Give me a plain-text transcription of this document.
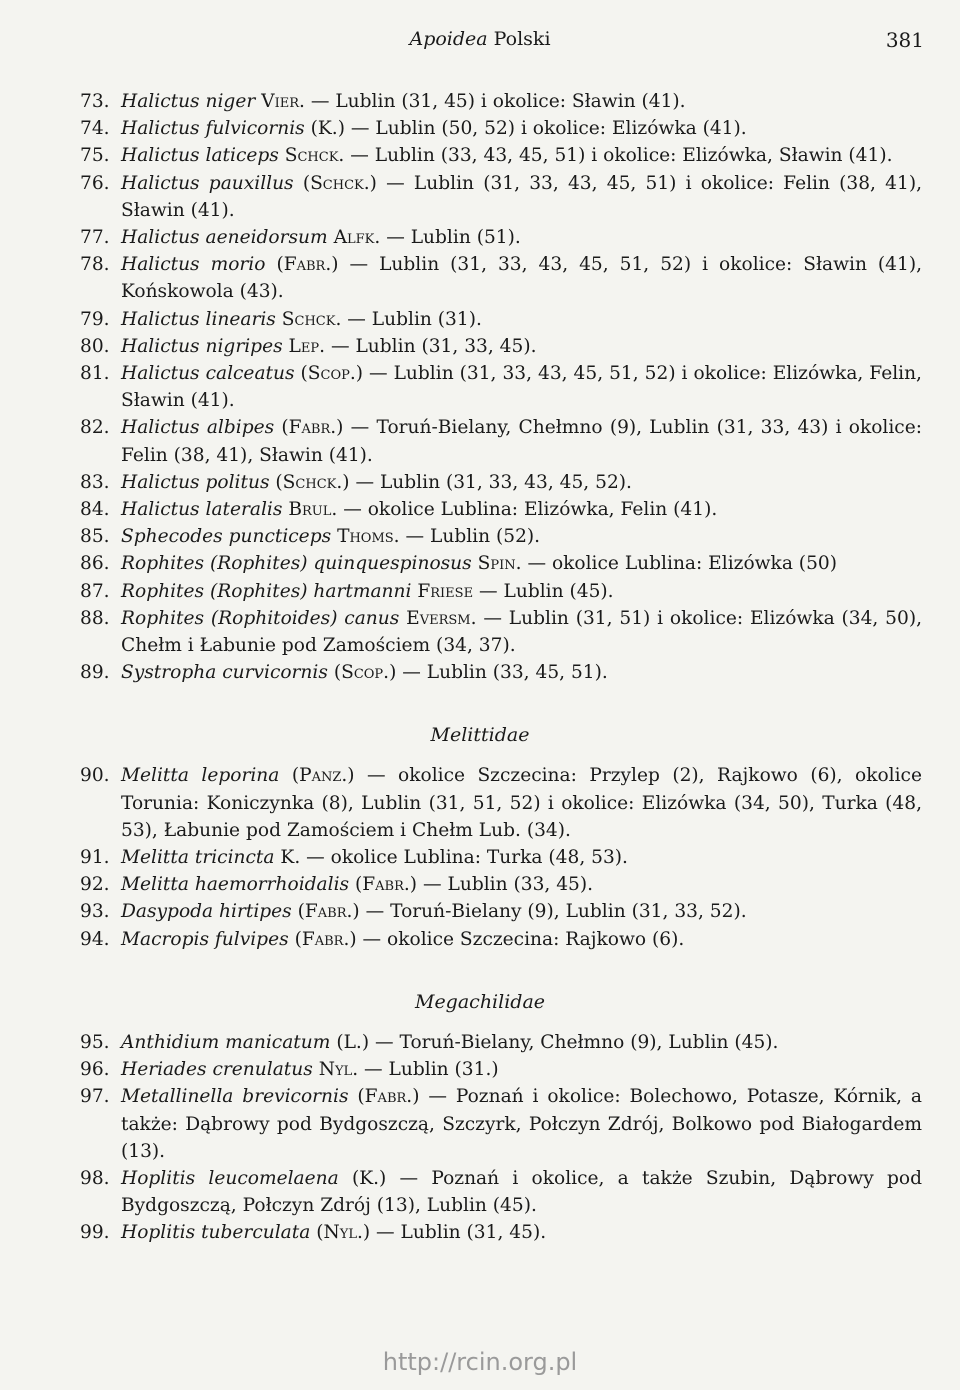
Apoidea Polski	381
73. Halictus niger Vier. — Lublin (31, 45) i okolice: Sławin (41).
74. Halictus fulvicornis (K.) — Lublin (50, 52) i okolice: Elizówka (41).
75. Halictus laticeps Schck. — Lublin (33, 43, 45, 51) i okolice: Elizówka, Sławin (41).
76. Halictus pauxillus (Schck.) — Lublin (31, 33, 43, 45, 51) i okolice: Felin (38, 41), Sławin (41).
77. Halictus aeneidorsum Alfk. — Lublin (51).
78. Halictus morio (Fabr.) — Lublin (31, 33, 43, 45, 51, 52) i okolice: Sławin (41), Końskowola (43).
79. Halictus linearis Schck. — Lublin (31).
80. Halictus nigripes Lep. — Lublin (31, 33, 45).
81. Halictus calceatus (Scop.) — Lublin (31, 33, 43, 45, 51, 52) i okolice: Elizówka, Felin, Sławin (41).
82. Halictus albipes (Fabr.) — Toruń-Bielany, Chełmno (9), Lublin (31, 33, 43) i okolice: Felin (38, 41), Sławin (41).
83. Halictus politus (Schck.) — Lublin (31, 33, 43, 45, 52).
84. Halictus lateralis Brul. — okolice Lublina: Elizówka, Felin (41).
85. Sphecodes puncticeps Thoms. — Lublin (52).
86. Rophites (Rophites) quinquespinosus Spin. — okolice Lublina: Elizówka (50)
87. Rophites (Rophites) hartmanni Friese — Lublin (45).
88. Rophites (Rophitoides) canus Eversm. — Lublin (31, 51) i okolice: Elizówka (34, 50), Chełm i Łabunie pod Zamościem (34, 37).
89. Systropha curvicornis (Scop.) — Lublin (33, 45, 51).
Melittidae
90. Melitta leporina (Panz.) — okolice Szczecina: Przylep (2), Rajkowo (6), okolice Torunia: Koniczynka (8), Lublin (31, 51, 52) i okolice: Elizówka (34, 50), Turka (48, 53), Łabunie pod Zamościem i Chełm Lub. (34).
91. Melitta tricincta K. — okolice Lublina: Turka (48, 53).
92. Melitta haemorrhoidalis (Fabr.) — Lublin (33, 45).
93. Dasypoda hirtipes (Fabr.) — Toruń-Bielany (9), Lublin (31, 33, 52).
94. Macropis fulvipes (Fabr.) — okolice Szczecina: Rajkowo (6).
Megachilidae
95. Anthidium manicatum (L.) — Toruń-Bielany, Chełmno (9), Lublin (45).
96. Heriades crenulatus Nyl. — Lublin (31.)
97. Metallinella brevicornis (Fabr.) — Poznań i okolice: Bolechowo, Potasze, Kórnik, a także: Dąbrowy pod Bydgoszczą, Szczyrk, Połczyn Zdrój, Bolkowo pod Białogardem (13).
98. Hoplitis leucomelaena (K.) — Poznań i okolice, a także Szubin, Dąbrowy pod Bydgoszczą, Połczyn Zdrój (13), Lublin (45).
99. Hoplitis tuberculata (Nyl.) — Lublin (31, 45).
http://rcin.org.pl
